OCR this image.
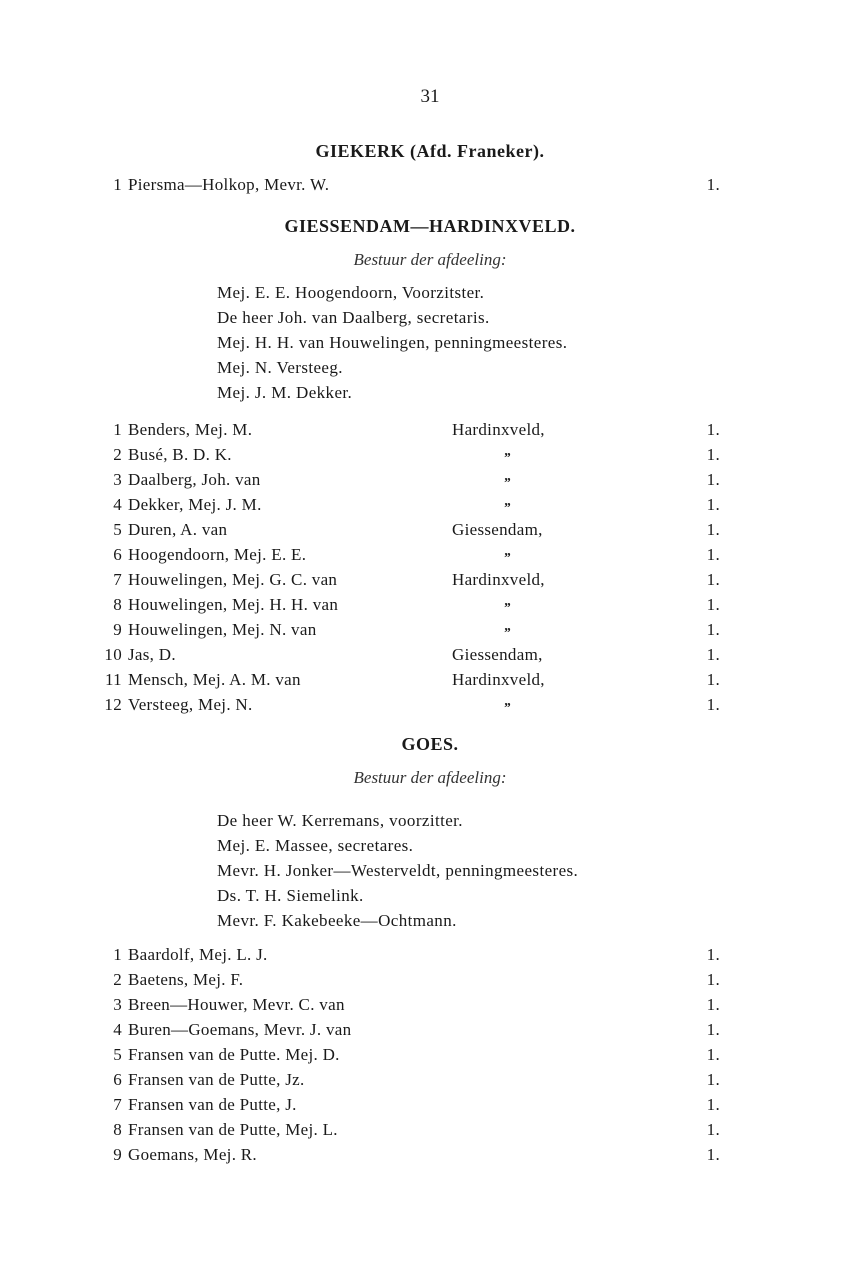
31
GIEKERK (Afd. Franeker).
1 Piersma—Holkop, Mevr. W.	1.
GIESSENDAM—HARDINXVELD.
Bestuur der afdeeling:
Mej. E. E. Hoogendoorn, Voorzitster.
De heer Joh. van Daalberg, secretaris.
Mej. H. H. van Houwelingen, penningmeesteres.
Mej. N. Versteeg.
Mej. J. M. Dekker.
1 Benders, Mej. M.	Hardinxveld,	1.
2 Busé, B. D. K.	”	1.
3 Daalberg, Joh. van	”	1.
4 Dekker, Mej. J. M.	”	1.
5 Duren, A. van	Giessendam,	1.
6 Hoogendoorn, Mej. E. E.	”	1.
7 Houwelingen, Mej. G. C. van	Hardinxveld,	1.
8 Houwelingen, Mej. H. H. van	”	1.
9 Houwelingen, Mej. N. van	”	1.
10 Jas, D.	Giessendam,	1.
11 Mensch, Mej. A. M. van	Hardinxveld,	1.
12 Versteeg, Mej. N.	”	1.
GOES.
Bestuur der afdeeling:
De heer W. Kerremans, voorzitter.
Mej. E. Massee, secretares.
Mevr. H. Jonker—Westerveldt, penningmeesteres.
Ds. T. H. Siemelink.
Mevr. F. Kakebeeke—Ochtmann.
1 Baardolf, Mej. L. J.	1.
2 Baetens, Mej. F.	1.
3 Breen—Houwer, Mevr. C. van	1.
4 Buren—Goemans, Mevr. J. van	1.
5 Fransen van de Putte. Mej. D.	1.
6 Fransen van de Putte, Jz.	1.
7 Fransen van de Putte, J.	1.
8 Fransen van de Putte, Mej. L.	1.
9 Goemans, Mej. R.	1.
